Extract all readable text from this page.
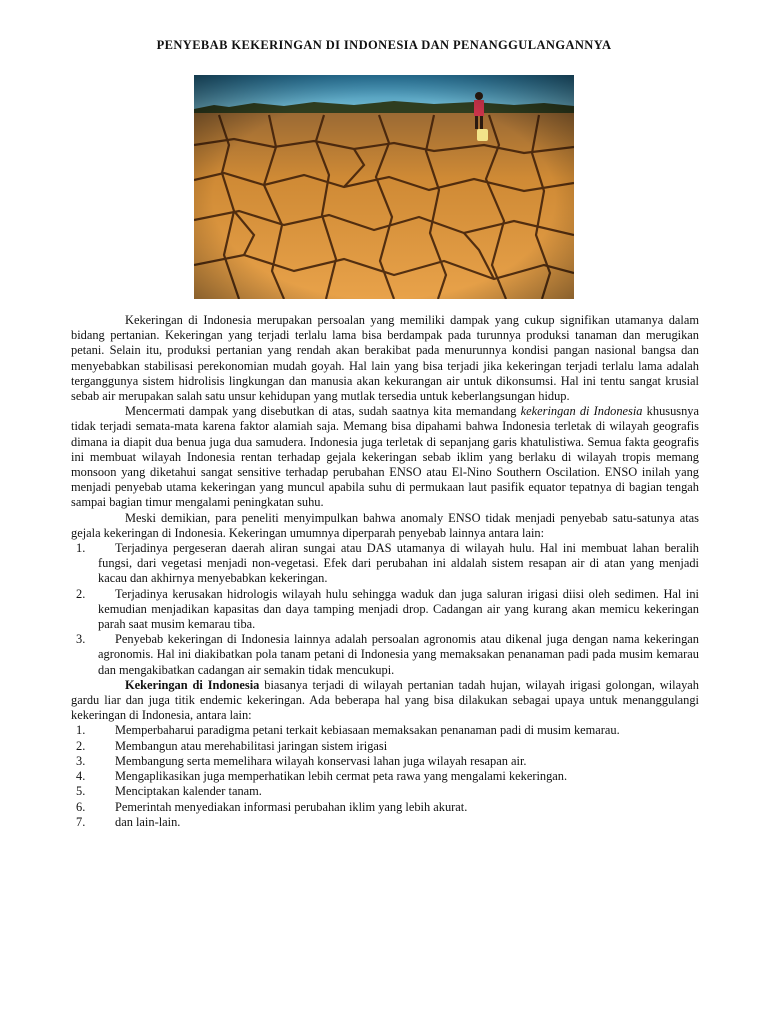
PENYEBAB KEKERINGAN DI INDONESIA DAN PENANGGULANGANNYA

Kekeringan di Indonesia merupakan persoalan yang memiliki dampak yang cukup signifikan utamanya dalam bidang pertanian. Kekeringan yang terjadi terlalu lama bisa berdampak pada turunnya produksi tanaman dan merugikan petani. Selain itu, produksi pertanian yang rendah akan berakibat pada menurunnya kondisi pangan nasional bangsa dan menyebabkan stabilisasi perekonomian mudah goyah. Hal lain yang bisa terjadi jika kekeringan terjadi terlalu lama adalah terganggunya sistem hidrolisis lingkungan dan manusia akan kekurangan air untuk dikonsumsi. Hal ini tentu sangat krusial sebab air merupakan salah satu unsur kehidupan yang mutlak tersedia untuk keberlangsungan hidup.

Mencermati dampak yang disebutkan di atas, sudah saatnya kita memandang kekeringan di Indonesia khususnya tidak terjadi semata-mata karena faktor alamiah saja. Memang bisa dipahami bahwa Indonesia terletak di wilayah geografis dimana ia diapit dua benua juga dua samudera. Indonesia juga terletak di sepanjang garis khatulistiwa. Semua fakta geografis ini membuat wilayah Indonesia rentan terhadap gejala kekeringan sebab iklim yang berlaku di wilayah tropis memang monsoon yang diketahui sangat sensitive terhadap perubahan ENSO atau El-Nino Southern Oscilation. ENSO inilah yang menjadi penyebab utama kekeringan yang muncul apabila suhu di permukaan laut pasifik equator tepatnya di bagian tengah sampai bagian timur mengalami peningkatan suhu.

Meski demikian, para peneliti menyimpulkan bahwa anomaly ENSO tidak menjadi penyebab satu-satunya atas gejala kekeringan di Indonesia. Kekeringan umumnya diperparah penyebab lainnya antara lain:

1.	Terjadinya pergeseran daerah aliran sungai atau DAS utamanya di wilayah hulu. Hal ini membuat lahan beralih fungsi, dari vegetasi menjadi non-vegetasi. Efek dari perubahan ini aldalah sistem resapan air di atan yang menjadi kacau dan akhirnya menyebabkan kekeringan.
2.	Terjadinya kerusakan hidrologis wilayah hulu sehingga waduk dan juga saluran irigasi diisi oleh sedimen. Hal ini kemudian menjadikan kapasitas dan daya tamping menjadi drop. Cadangan air yang kurang akan memicu kekeringan parah saat musim kemarau tiba.
3.	Penyebab kekeringan di Indonesia lainnya adalah persoalan agronomis atau dikenal juga dengan nama kekeringan agronomis. Hal ini diakibatkan pola tanam petani di Indonesia yang memaksakan penanaman padi pada musim kemarau dan mengakibatkan cadangan air semakin tidak mencukupi.

Kekeringan di Indonesia biasanya terjadi di wilayah pertanian tadah hujan, wilayah irigasi golongan, wilayah gardu liar dan juga titik endemic kekeringan. Ada beberapa hal yang bisa dilakukan sebagai upaya untuk menanggulangi kekeringan di Indonesia, antara lain:

1.	Memperbaharui paradigma petani terkait kebiasaan memaksakan penanaman padi di musim kemarau.
2.	Membangun atau merehabilitasi jaringan sistem irigasi
3.	Membangung serta memelihara wilayah konservasi lahan juga wilayah resapan air.
4.	Mengaplikasikan juga memperhatikan lebih cermat peta rawa yang mengalami kekeringan.
5.	Menciptakan kalender tanam.
6.	Pemerintah menyediakan informasi perubahan iklim yang lebih akurat.
7.	dan lain-lain.
